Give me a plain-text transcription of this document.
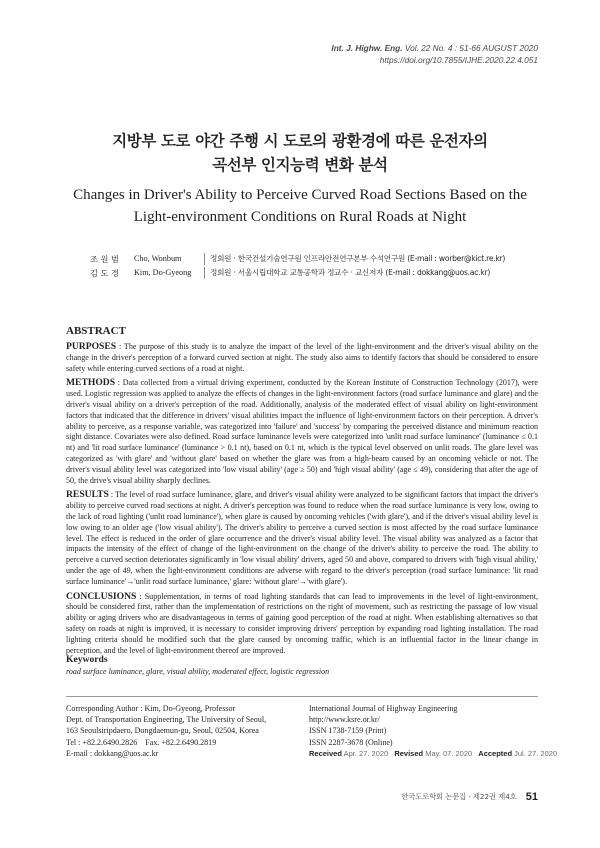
Int. J. Highw. Eng. Vol. 22 No. 4 : 51-66 AUGUST 2020
https://doi.org/10.7855/IJHE.2020.22.4.051
지방부 도로 야간 주행 시 도로의 광환경에 따른 운전자의
곡선부 인지능력 변화 분석
Changes in Driver's Ability to Perceive Curved Road Sections Based on the
Light-environment Conditions on Rural Roads at Night
조 원 범	Cho, Wonbum	정회원 · 한국건설기술연구원 인프라안전연구본부 수석연구원 (E-mail : worber@kict.re.kr)
김 도 경	Kim, Do-Gyeong	정회원 · 서울시립대학교 교통공학과 정교수 · 교신저자 (E-mail : dokkang@uos.ac.kr)
ABSTRACT

PURPOSES : The purpose of this study is to analyze the impact of the level of the light-environment and the driver's visual ability on the change in the driver's perception of a forward curved section at night. The study also aims to identify factors that should be considered to ensure safety while entering curved sections of a road at night.

METHODS : Data collected from a virtual driving experiment, conducted by the Korean Institute of Construction Technology (2017), were used. Logistic regression was applied to analyze the effects of changes in the light-environment factors (road surface luminance and glare) and the driver's visual ability on a driver's perception of the road. Additionally, analysis of the moderated effect of visual ability on light-environment factors that indicated that the difference in drivers' visual abilities impact the influence of light-environment factors on their perception. A driver's ability to perceive, as a response variable, was categorized into 'failure' and 'success' by comparing the perceived distance and minimum reaction sight distance. Covariates were also defined. Road surface luminance levels were categorized into 'unlit road surface luminance' (luminance ≤ 0.1 nt) and 'lit road surface luminance' (luminance > 0.1 nt), based on 0.1 nt, which is the typical level observed on unlit roads. The glare level was categorized as 'with glare' and 'without glare' based on whether the glare was from a high-beam caused by an oncoming vehicle or not. The driver's visual ability level was categorized into 'low visual ability' (age ≥ 50) and 'high visual ability' (age ≤ 49), considering that after the age of 50, the drive's visual ability sharply declines.

RESULTS : The level of road surface luminance, glare, and driver's visual ability were analyzed to be significant factors that impact the driver's ability to perceive curved road sections at night. A driver's perception was found to reduce when the road surface luminance is very low, owing to the lack of road lighting ('unlit road luminance'), when glare is caused by oncoming vehicles ('with glare'), and if the driver's visual ability level is low owing to an older age ('low visual ability'). The driver's ability to perceive a curved section is most affected by the road surface luminance level. The effect is reduced in the order of glare occurrence and the driver's visual ability level. The visual ability was analyzed as a factor that impacts the intensity of the effect of change of the light-environment on the change of the driver's ability to perceive the road. The ability to perceive a curved section deteriorates significantly in 'low visual ability' drivers, aged 50 and above, compared to drivers with 'high visual ability,' under the age of 49, when the light-environment conditions are adverse with regard to the driver's perception (road surface luminance: 'lit road surface luminance'→'unlit road surface luminance,' glare: 'without glare'→'with glare').

CONCLUSIONS : Supplementation, in terms of road lighting standards that can lead to improvements in the level of light-environment, should be considered first, rather than the implementation of restrictions on the right of movement, such as restricting the passage of low visual ability or aging drivers who are disadvantageous in terms of gaining good perception of the road at night. When establishing alternatives so that safety on roads at night is improved, it is necessary to consider improving drivers' perception by expanding road lighting installation. The road lighting criteria should be modified such that the glare caused by oncoming traffic, which is an influential factor in the linear change in perception, and the level of light-environment thereof are improved.

Keywords
road surface luminance, glare, visual ability, moderated effect, logistic regression
Corresponding Author : Kim, Do-Gyeong, Professor
Dept. of Transportation Engineering, The University of Seoul,
163 Seoulsiripdaero, Dongdaemun-gu, Seoul, 02504, Korea
Tel : +82.2.6490.2826    Fax. +82.2.6490.2819
E-mail : dokkang@uos.ac.kr
International Journal of Highway Engineering
http://www.ksre.or.kr/
ISSN 1738-7159 (Print)
ISSN 2287-3678 (Online)
Received Apr. 27. 2020 Revised May. 07. 2020 Accepted Jul. 27. 2020
한국도로학회 논문집 · 제22권 제4호 51
